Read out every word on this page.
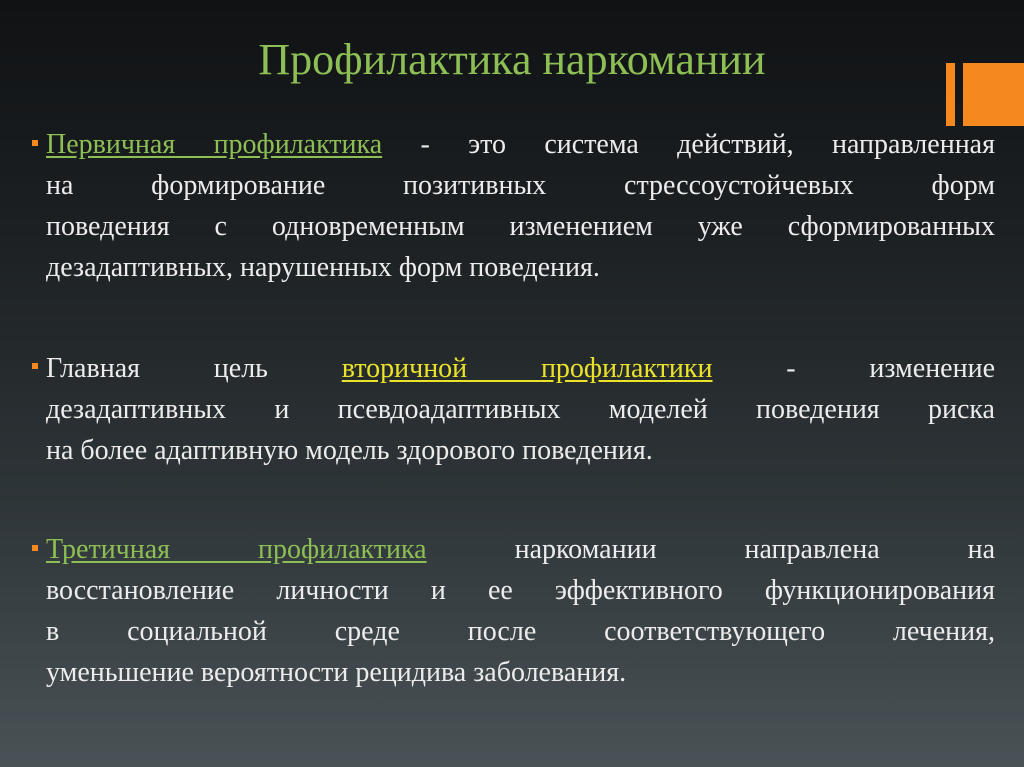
Профилактика наркомании
Первичная профилактика - это система действий, направленная
на формирование позитивных стрессоустойчевых форм
поведения с одновременным изменением уже сформированных
дезадаптивных, нарушенных форм поведения.
Главная цель	вторичной профилактики	- изменение
дезадаптивных и псевдоадаптивных моделей поведения риска
на более адаптивную модель здорового поведения.
Третичная профилактика	наркомании направлена на
восстановление личности и ее эффективного функционирования
в социальной среде после соответствующего лечения,
уменьшение вероятности рецидива заболевания.
